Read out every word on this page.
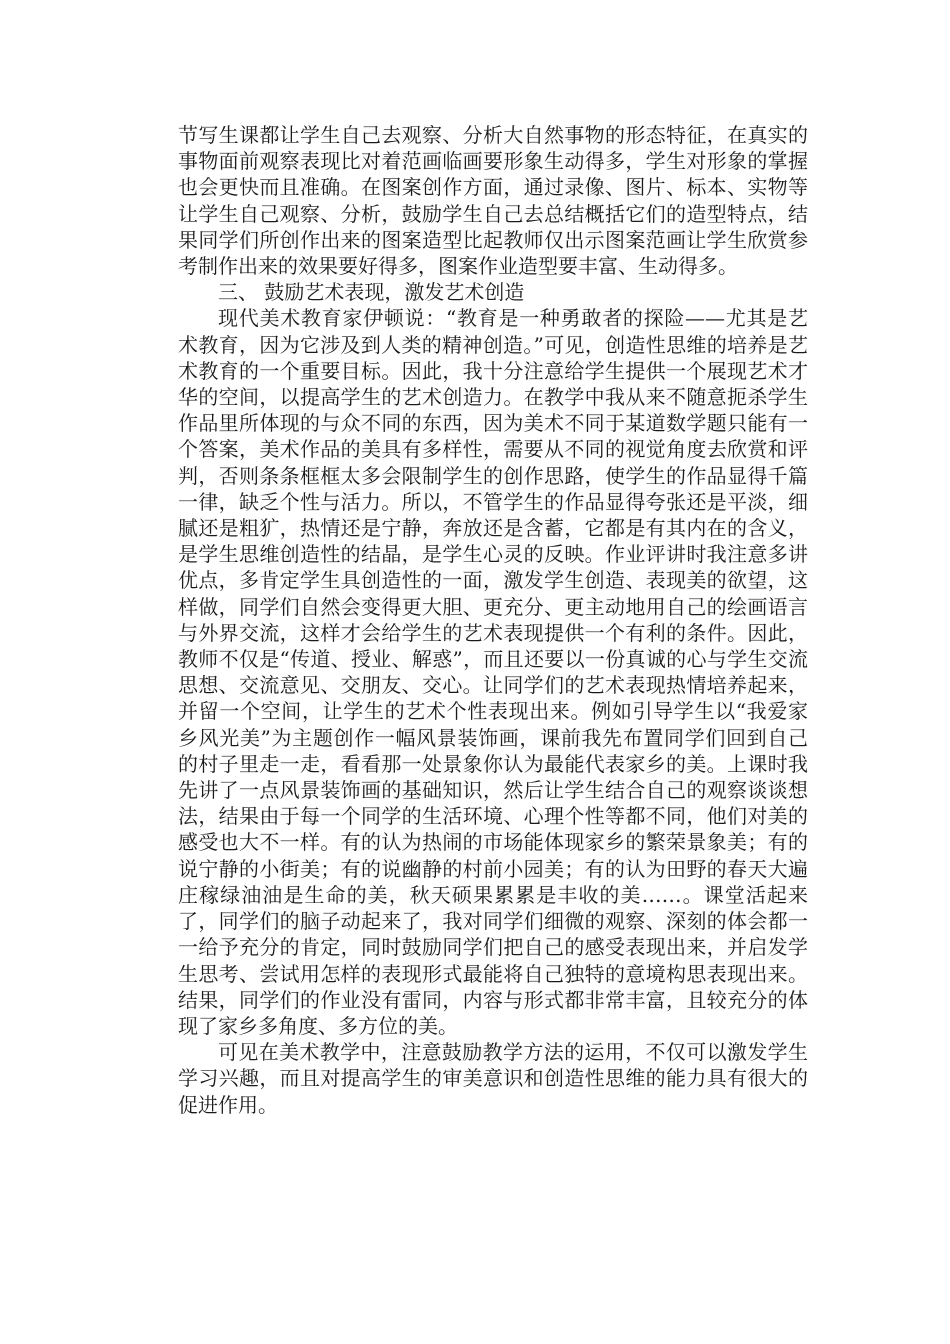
节写生课都让学生自己去观察、分析大自然事物的形态特征，在真实的事物面前观察表现比对着范画临画要形象生动得多，学生对形象的掌握也会更快而且准确。在图案创作方面，通过录像、图片、标本、实物等让学生自己观察、分析，鼓励学生自己去总结概括它们的造型特点，结果同学们所创作出来的图案造型比起教师仅出示图案范画让学生欣赏参考制作出来的效果要好得多，图案作业造型要丰富、生动得多。

三、 鼓励艺术表现，激发艺术创造

现代美术教育家伊顿说：“教育是一种勇敢者的探险——尤其是艺术教育，因为它涉及到人类的精神创造。”可见，创造性思维的培养是艺术教育的一个重要目标。因此，我十分注意给学生提供一个展现艺术才华的空间，以提高学生的艺术创造力。在教学中我从来不随意扼杀学生作品里所体现的与众不同的东西，因为美术不同于某道数学题只能有一个答案，美术作品的美具有多样性，需要从不同的视觉角度去欣赏和评判，否则条条框框太多会限制学生的创作思路，使学生的作品显得千篇一律，缺乏个性与活力。所以，不管学生的作品显得夸张还是平淡，细腻还是粗犷，热情还是宁静，奔放还是含蓄，它都是有其内在的含义，是学生思维创造性的结晶，是学生心灵的反映。作业评讲时我注意多讲优点，多肯定学生具创造性的一面，激发学生创造、表现美的欲望，这样做，同学们自然会变得更大胆、更充分、更主动地用自己的绘画语言与外界交流，这样才会给学生的艺术表现提供一个有利的条件。因此，教师不仅是“传道、授业、解惑”，而且还要以一份真诚的心与学生交流思想、交流意见、交朋友、交心。让同学们的艺术表现热情培养起来，并留一个空间，让学生的艺术个性表现出来。例如引导学生以“我爱家乡风光美”为主题创作一幅风景装饰画，课前我先布置同学们回到自己的村子里走一走，看看那一处景象你认为最能代表家乡的美。上课时我先讲了一点风景装饰画的基础知识，然后让学生结合自己的观察谈谈想法，结果由于每一个同学的生活环境、心理个性等都不同，他们对美的感受也大不一样。有的认为热闹的市场能体现家乡的繁荣景象美；有的说宁静的小街美；有的说幽静的村前小园美；有的认为田野的春天大遍庄稼绿油油是生命的美，秋天硕果累累是丰收的美……。课堂活起来了，同学们的脑子动起来了，我对同学们细微的观察、深刻的体会都一一给予充分的肯定，同时鼓励同学们把自己的感受表现出来，并启发学生思考、尝试用怎样的表现形式最能将自己独特的意境构思表现出来。结果，同学们的作业没有雷同，内容与形式都非常丰富，且较充分的体现了家乡多角度、多方位的美。

可见在美术教学中，注意鼓励教学方法的运用，不仅可以激发学生学习兴趣，而且对提高学生的审美意识和创造性思维的能力具有很大的促进作用。
